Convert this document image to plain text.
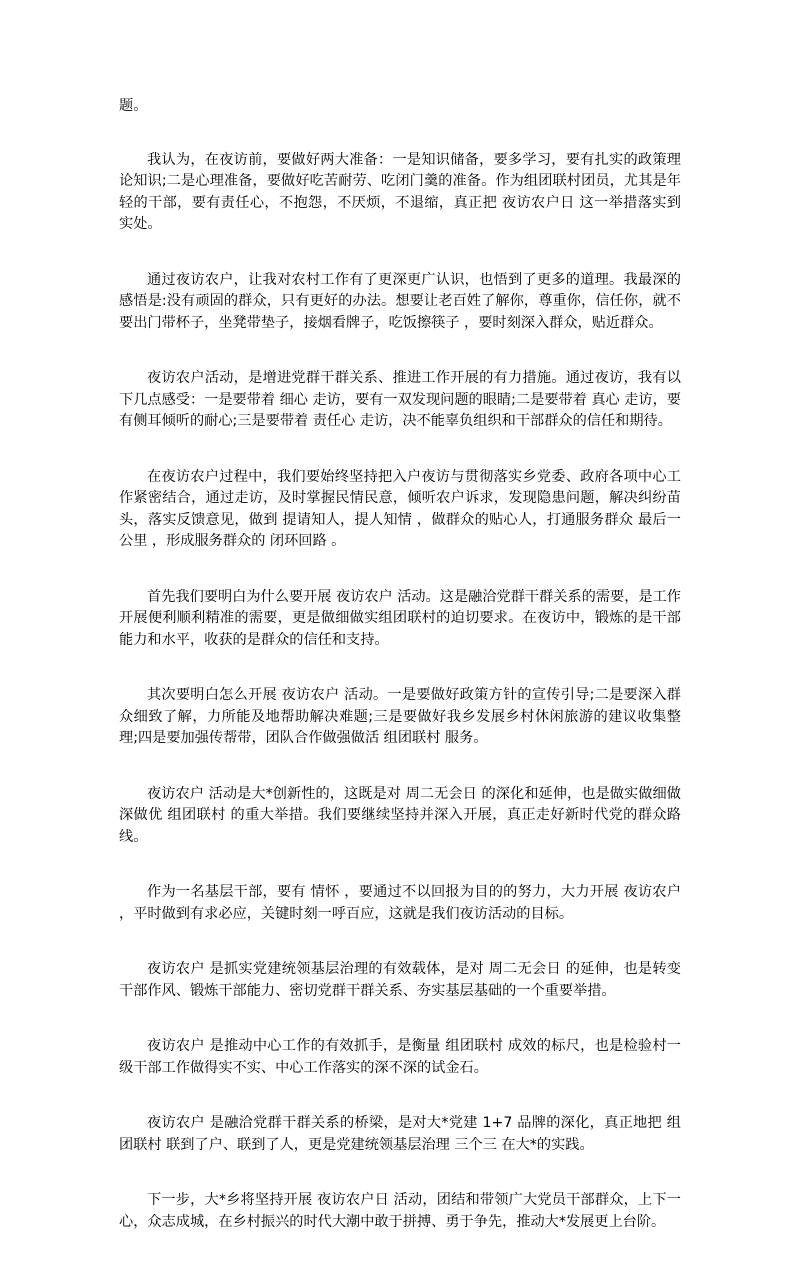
题。

我认为，在夜访前，要做好两大准备：一是知识储备，要多学习，要有扎实的政策理论知识;二是心理准备，要做好吃苦耐劳、吃闭门羹的准备。作为组团联村团员，尤其是年轻的干部，要有责任心，不抱怨，不厌烦，不退缩，真正把 夜访农户日 这一举措落实到实处。

通过夜访农户，让我对农村工作有了更深更广认识，也悟到了更多的道理。我最深的感悟是:没有顽固的群众，只有更好的办法。想要让老百姓了解你，尊重你，信任你，就不要出门带杯子，坐凳带垫子，接烟看牌子，吃饭擦筷子 ，要时刻深入群众，贴近群众。

夜访农户活动，是增进党群干群关系、推进工作开展的有力措施。通过夜访，我有以下几点感受：一是要带着 细心 走访，要有一双发现问题的眼睛;二是要带着 真心 走访，要有侧耳倾听的耐心;三是要带着 责任心 走访，决不能辜负组织和干部群众的信任和期待。

在夜访农户过程中，我们要始终坚持把入户夜访与贯彻落实乡党委、政府各项中心工作紧密结合，通过走访，及时掌握民情民意，倾听农户诉求，发现隐患问题，解决纠纷苗头，落实反馈意见，做到 提请知人，提人知情 ，做群众的贴心人，打通服务群众 最后一公里 ，形成服务群众的 闭环回路 。

首先我们要明白为什么要开展 夜访农户 活动。这是融洽党群干群关系的需要，是工作开展便利顺利精准的需要，更是做细做实组团联村的迫切要求。在夜访中，锻炼的是干部能力和水平，收获的是群众的信任和支持。

其次要明白怎么开展 夜访农户 活动。一是要做好政策方针的宣传引导;二是要深入群众细致了解，力所能及地帮助解决难题;三是要做好我乡发展乡村休闲旅游的建议收集整理;四是要加强传帮带，团队合作做强做活 组团联村 服务。

夜访农户 活动是大*创新性的，这既是对 周二无会日 的深化和延伸，也是做实做细做深做优 组团联村 的重大举措。我们要继续坚持并深入开展，真正走好新时代党的群众路线。

作为一名基层干部，要有 情怀 ，要通过不以回报为目的的努力，大力开展 夜访农户 ，平时做到有求必应，关键时刻一呼百应，这就是我们夜访活动的目标。

夜访农户 是抓实党建统领基层治理的有效载体，是对 周二无会日 的延伸，也是转变干部作风、锻炼干部能力、密切党群干群关系、夯实基层基础的一个重要举措。

夜访农户 是推动中心工作的有效抓手，是衡量 组团联村 成效的标尺，也是检验村一级干部工作做得实不实、中心工作落实的深不深的试金石。

夜访农户 是融洽党群干群关系的桥梁，是对大*党建 1+7 品牌的深化，真正地把 组团联村 联到了户、联到了人，更是党建统领基层治理 三个三 在大*的实践。

下一步，大*乡将坚持开展 夜访农户日 活动，团结和带领广大党员干部群众，上下一心，众志成城，在乡村振兴的时代大潮中敢于拼搏、勇于争先，推动大*发展更上台阶。
